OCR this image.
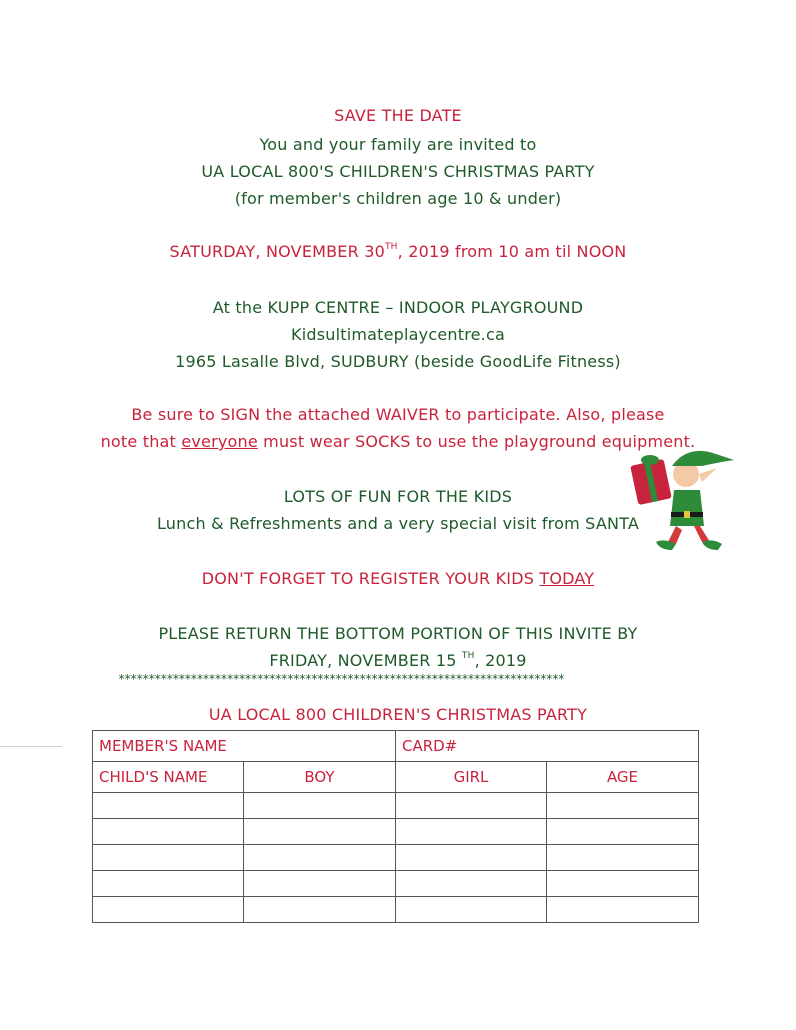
SAVE THE DATE
You and your family are invited to
UA LOCAL 800'S CHILDREN'S CHRISTMAS PARTY
(for member's children age 10 & under)
SATURDAY, NOVEMBER 30TH, 2019 from 10 am til NOON
At the KUPP CENTRE – INDOOR PLAYGROUND
Kidsultimateplaycentre.ca
1965 Lasalle Blvd, SUDBURY (beside GoodLife Fitness)
Be sure to SIGN the attached WAIVER to participate. Also, please
note that everyone must wear SOCKS to use the playground equipment.
LOTS OF FUN FOR THE KIDS
Lunch & Refreshments and a very special visit from SANTA
DON'T FORGET TO REGISTER YOUR KIDS TODAY
PLEASE RETURN THE BOTTOM PORTION OF THIS INVITE BY
FRIDAY, NOVEMBER 15 $^{TH}$, 2019
**************************************************************************
UA LOCAL 800 CHILDREN'S CHRISTMAS PARTY
MEMBER'S NAME		CARD#	
CHILD'S NAME	BOY	GIRL	AGE
